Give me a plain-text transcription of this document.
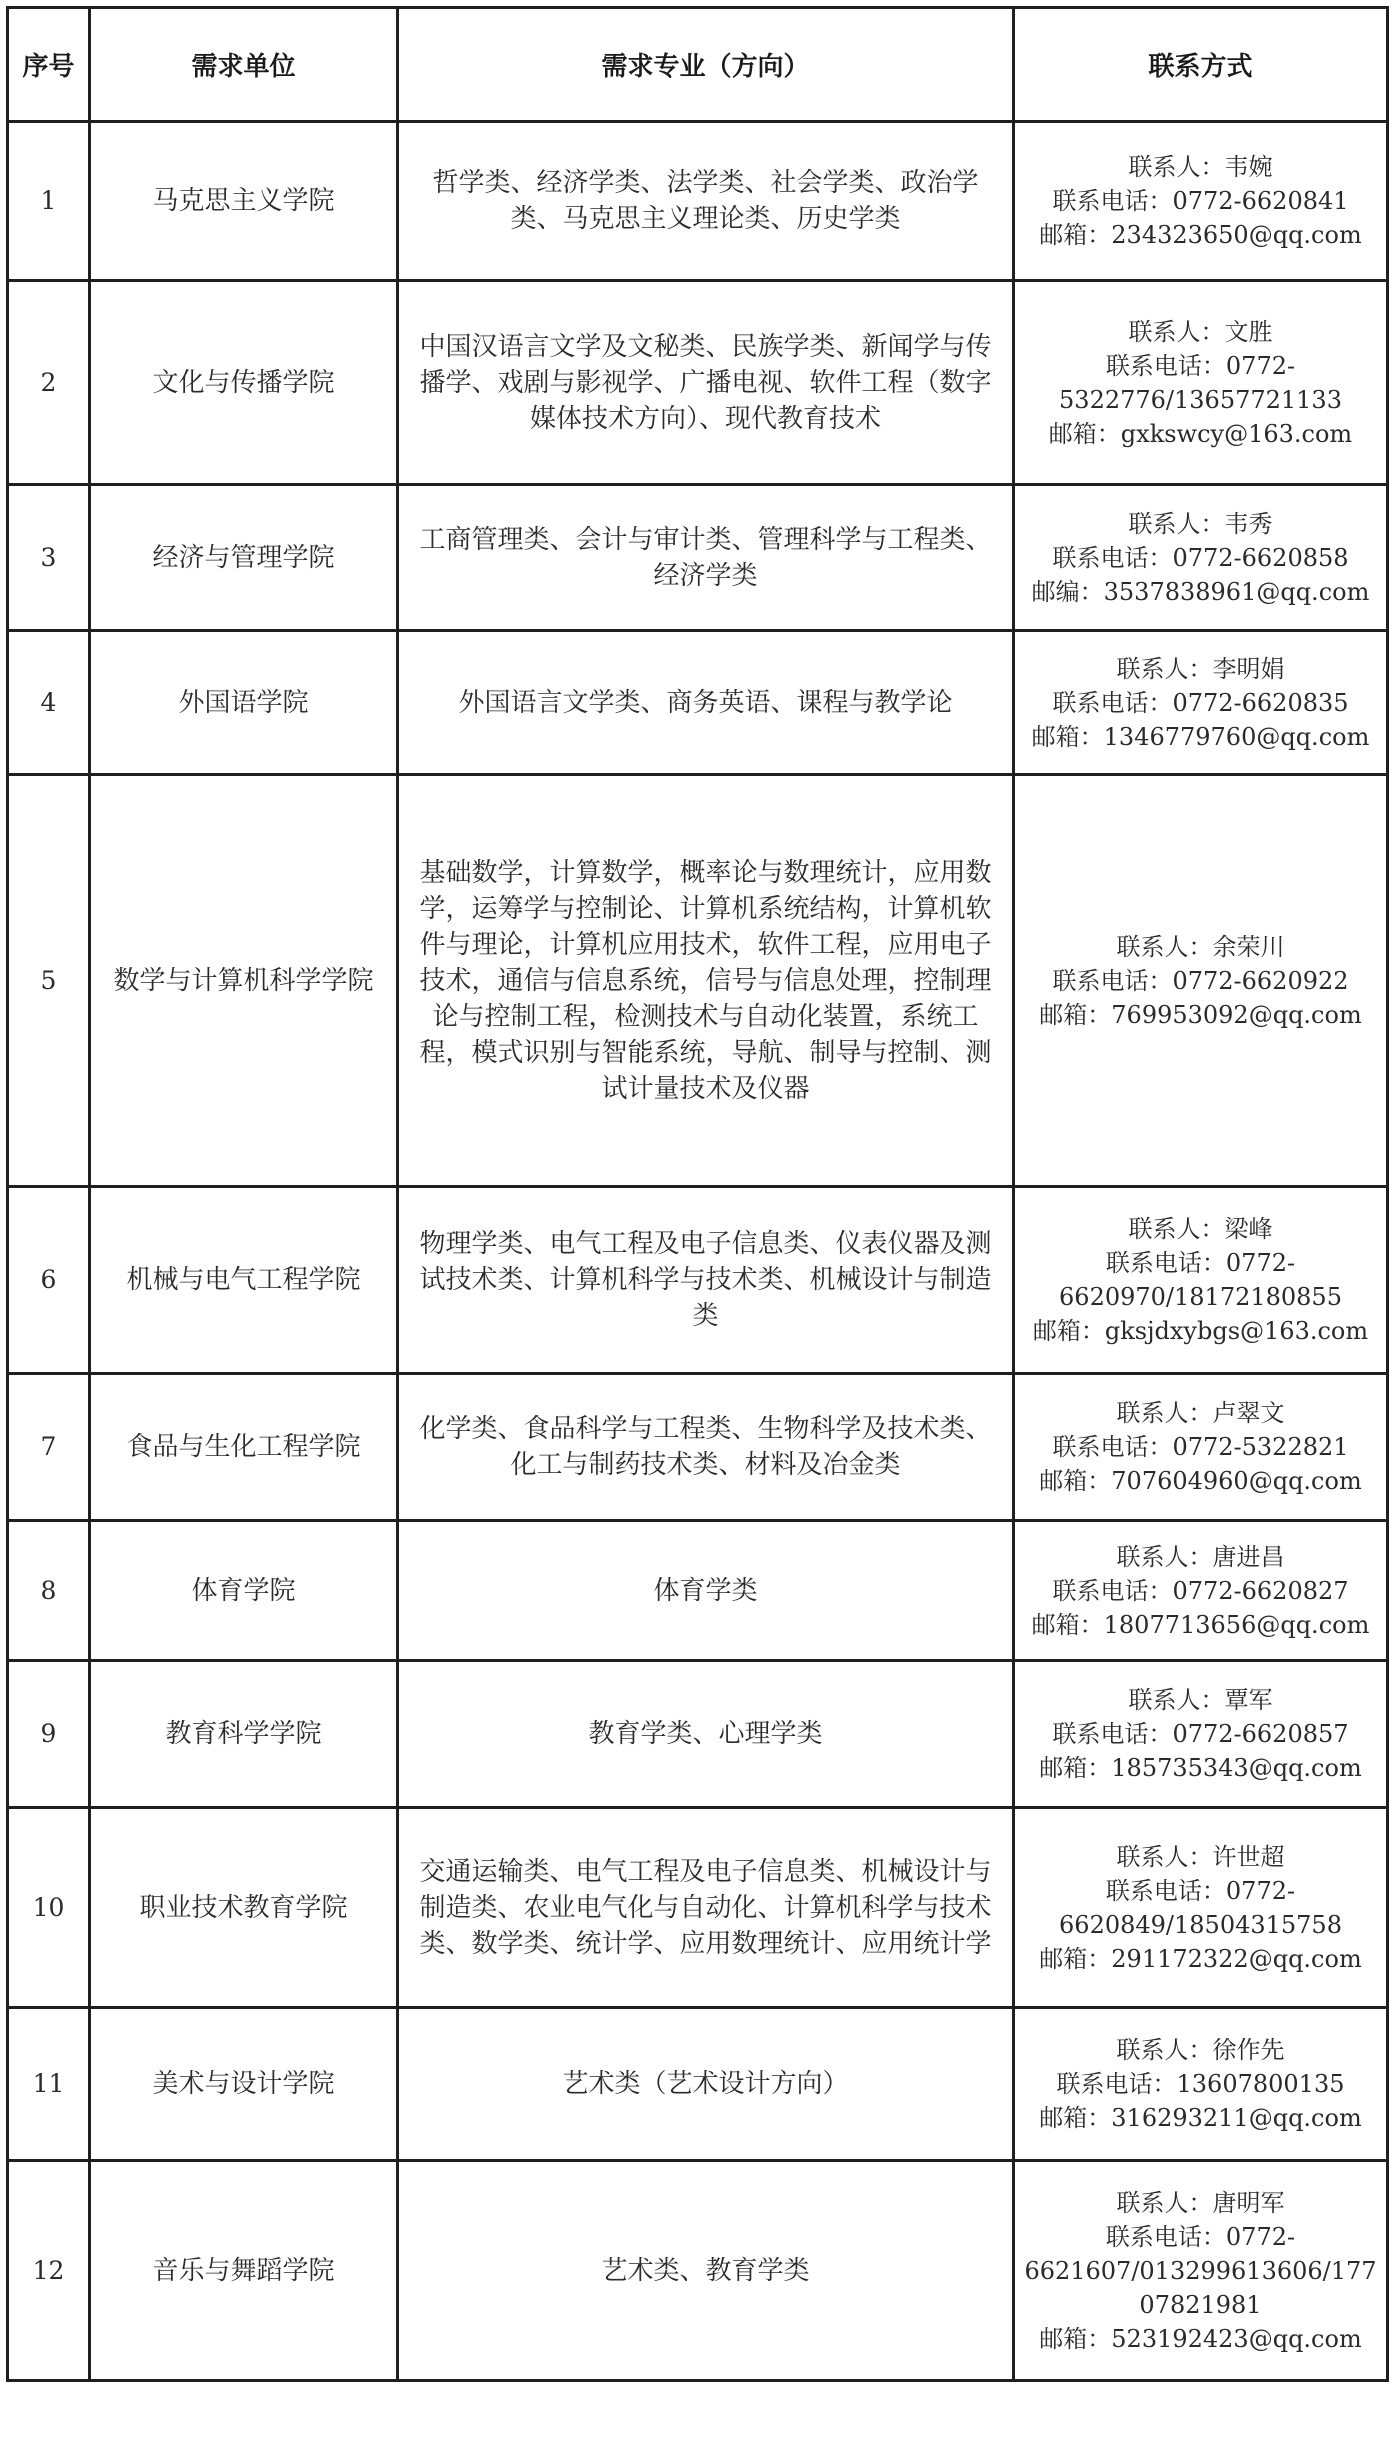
序号	需求单位	需求专业（方向）	联系方式
1	马克思主义学院	哲学类、经济学类、法学类、社会学类、政治学类、马克思主义理论类、历史学类	联系人：韦婉
联系电话：0772-6620841
邮箱：234323650@qq.com

2	文化与传播学院	中国汉语言文学及文秘类、民族学类、新闻学与传播学、戏剧与影视学、广播电视、软件工程（数字媒体技术方向）、现代教育技术	联系人：文胜
联系电话：0772-
5322776/13657721133
邮箱：gxkswcy@163.com

3	经济与管理学院	工商管理类、会计与审计类、管理科学与工程类、经济学类	联系人：韦秀
联系电话：0772-6620858
邮编：3537838961@qq.com

4	外国语学院	外国语言文学类、商务英语、课程与教学论	联系人：李明娟
联系电话：0772-6620835
邮箱：1346779760@qq.com

5	数学与计算机科学学院	基础数学，计算数学，概率论与数理统计，应用数学，运筹学与控制论、计算机系统结构，计算机软件与理论，计算机应用技术，软件工程，应用电子技术，通信与信息系统，信号与信息处理，控制理论与控制工程，检测技术与自动化装置，系统工程，模式识别与智能系统，导航、制导与控制、测试计量技术及仪器	联系人：余荣川
联系电话：0772-6620922
邮箱：769953092@qq.com

6	机械与电气工程学院	物理学类、电气工程及电子信息类、仪表仪器及测试技术类、计算机科学与技术类、机械设计与制造类	联系人：梁峰
联系电话：0772-
6620970/18172180855
邮箱：gksjdxybgs@163.com

7	食品与生化工程学院	化学类、食品科学与工程类、生物科学及技术类、化工与制药技术类、材料及冶金类	联系人：卢翠文
联系电话：0772-5322821
邮箱：707604960@qq.com

8	体育学院	体育学类	联系人：唐进昌
联系电话：0772-6620827
邮箱：1807713656@qq.com

9	教育科学学院	教育学类、心理学类	联系人：覃军
联系电话：0772-6620857
邮箱：185735343@qq.com

10	职业技术教育学院	交通运输类、电气工程及电子信息类、机械设计与制造类、农业电气化与自动化、计算机科学与技术类、数学类、统计学、应用数理统计、应用统计学	联系人：许世超
联系电话：0772-
6620849/18504315758
邮箱：291172322@qq.com

11	美术与设计学院	艺术类（艺术设计方向）	联系人：徐作先
联系电话：13607800135
邮箱：316293211@qq.com

12	音乐与舞蹈学院	艺术类、教育学类	联系人：唐明军
联系电话：0772-
6621607/013299613606/177
07821981
邮箱：523192423@qq.com
